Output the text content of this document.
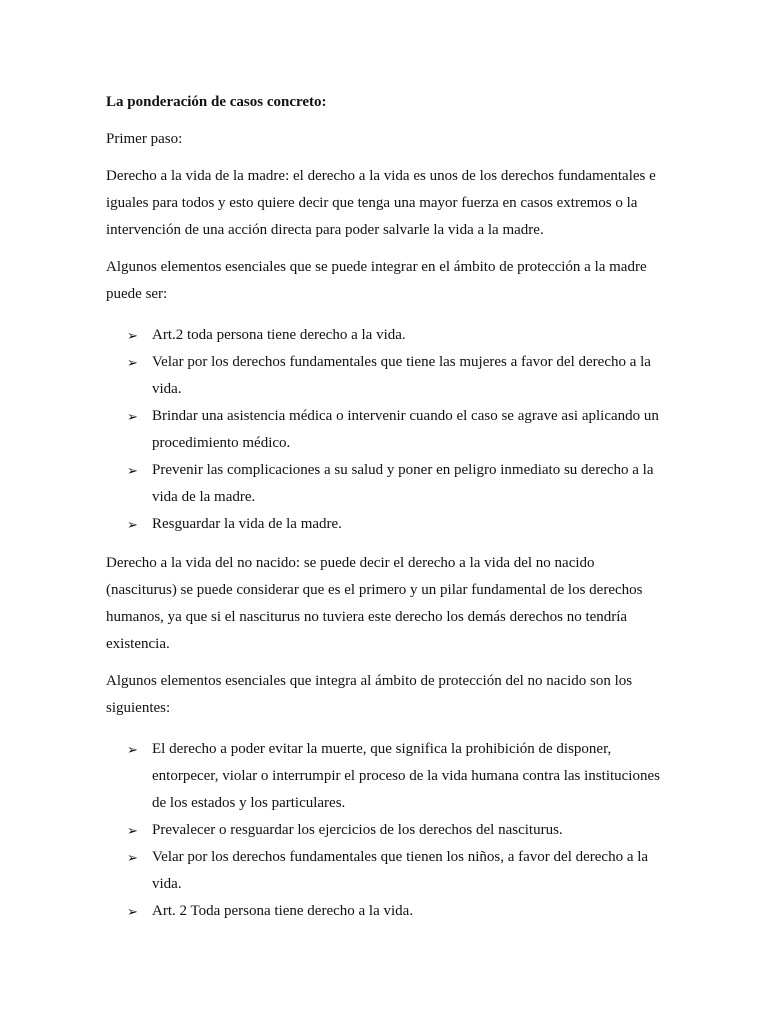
La ponderación de casos concreto:

Primer paso:

Derecho a la vida de la madre: el derecho a la vida es unos de los derechos fundamentales e iguales para todos y esto quiere decir que tenga una mayor fuerza en casos extremos o la intervención de una acción directa para poder salvarle la vida a la madre.

Algunos elementos esenciales que se puede integrar en el ámbito de protección a la madre puede ser:

➢ Art.2 toda persona tiene derecho a la vida.
➢ Velar por los derechos fundamentales que tiene las mujeres a favor del derecho a la vida.
➢ Brindar una asistencia médica o intervenir cuando el caso se agrave asi aplicando un procedimiento médico.
➢ Prevenir las complicaciones a su salud y poner en peligro inmediato su derecho a la vida de la madre.
➢ Resguardar la vida de la madre.

Derecho a la vida del no nacido: se puede decir el derecho a la vida del no nacido (nasciturus) se puede considerar que es el primero y un pilar fundamental de los derechos humanos, ya que si el nasciturus no tuviera este derecho los demás derechos no tendría existencia.

Algunos elementos esenciales que integra al ámbito de protección del no nacido son los siguientes:

➢ El derecho a poder evitar la muerte, que significa la prohibición de disponer, entorpecer, violar o interrumpir el proceso de la vida humana contra las instituciones de los estados y los particulares.
➢ Prevalecer o resguardar los ejercicios de los derechos del nasciturus.
➢ Velar por los derechos fundamentales que tienen los niños, a favor del derecho a la vida.
➢ Art. 2 Toda persona tiene derecho a la vida.
